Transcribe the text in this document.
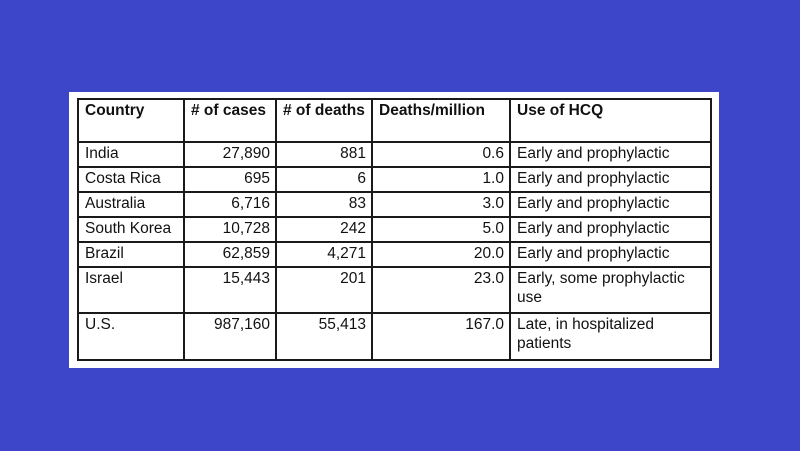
Country	# of cases	# of deaths	Deaths/million	Use of HCQ
India	27,890	881	0.6	Early and prophylactic
Costa Rica	695	6	1.0	Early and prophylactic
Australia	6,716	83	3.0	Early and prophylactic
South Korea	10,728	242	5.0	Early and prophylactic
Brazil	62,859	4,271	20.0	Early and prophylactic
Israel	15,443	201	23.0	Early, some prophylactic use
U.S.	987,160	55,413	167.0	Late, in hospitalized patients
